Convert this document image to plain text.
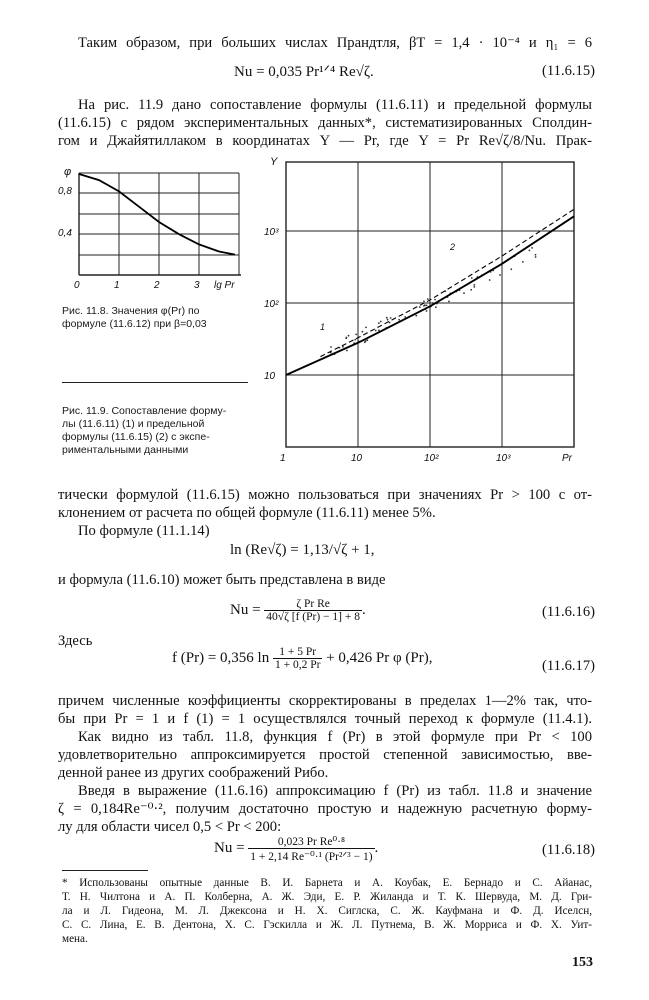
Таким образом, при больших числах Прандтля, βT = 1,4 · 10⁻⁴ и η₁ = 6
Nu = 0,035 Pr¹ᐟ⁴ Re√ζ.	(11.6.15)
На рис. 11.9 дано сопоставление формулы (11.6.11) и предельной формулы
(11.6.15) с рядом экспериментальных данных*, систематизированных Сполдин-
гом и Джайятиллаком в координатах Y — Pr, где Y = Pr Re√ζ/8/Nu. Прак-
φ
0,8
0,4
0	1	2	3 lg Pr
Рис. 11.8. Значения φ(Pr) по
формуле (11.6.12) при β=0,03
Рис. 11.9. Сопоставление форму-
лы (11.6.11) (1) и предельной
формулы (11.6.15) (2) с экспе-
риментальными данными
Y
10³
10²
10
1	10	10²	10³	Pr
1
2
тически формулой (11.6.15) можно пользоваться при значениях Pr > 100 с от-
клонением от расчета по общей формуле (11.6.11) менее 5%.
По формуле (11.1.14)
ln (Re√ζ) = 1,13/√ζ + 1,
и формула (11.6.10) может быть представлена в виде
$Nu = \frac{\text{ζ Pr Re}}{40√\zeta [f (Pr) - 1] + 8}$ .	(11.6.16)
Здесь
f (Pr) = 0,356 $\ln \frac{1 + 5 Pr}{1 + 0,2 Pr} + 0,426$ Pr φ (Pr),
(11.6.17)
причем численные коэффициенты скорректированы в пределах 1—2% так, что-
бы при Pr = 1 и f (1) = 1 осуществлялся точный переход к формуле (11.4.1).
Как видно из табл. 11.8, функция f (Pr) в этой формуле при Pr < 100
удовлетворительно аппроксимируется простой степенной зависимостью, вве-
денной ранее из других соображений Рибо.
Введя в выражение (11.6.16) аппроксимацию f (Pr) из табл. 11.8 и значение
ζ = 0,184Re⁻⁰·², получим достаточно простую и надежную расчетную форму-
лу для области чисел 0,5 < Pr < 200:
$Nu = \frac{\text{0,023 Pr Re⁰·⁸}}{\text{1 + 2,14 Re⁻⁰·¹ (Pr²ᐟ³ − 1)}}$ .	(11.6.18)
* Использованы опытные данные В. И. Барнета и А. Коубак, Е. Бернадо и С. Айанас,
Т. Н. Чилтона и А. П. Колберна, А. Ж. Эди, Е. Р. Жиланда и Т. К. Шервуда, М. Д. Гри-
ла и Л. Гидеона, М. Л. Джексона и Н. Х. Сиглска, С. Ж. Кауфмана и Ф. Д. Иселсн,
С. С. Лина, Е. В. Дентона, Х. С. Гэскилла и Ж. Л. Путнема, В. Ж. Морриса и Ф. Х. Уит-
мена.
153
